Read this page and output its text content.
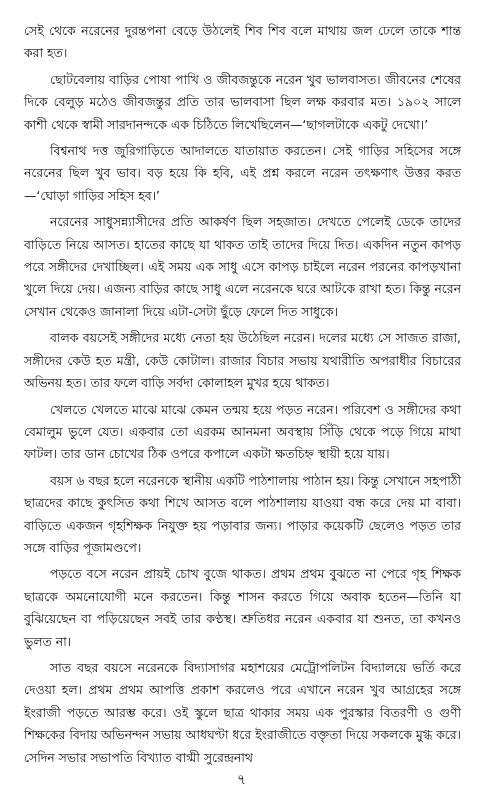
সেই থেকে নরেনের দুরন্তপনা বেড়ে উঠলেই শিব শিব বলে মাথায় জল ঢেলে তাকে শান্ত করা হত।

ছোটবেলায় বাড়ির পোষা পাখি ও জীবজন্তুকে নরেন খুব ভালবাসত। জীবনের শেষের দিকে বেলুড় মঠেও জীবজন্তুর প্রতি তার ভালবাসা ছিল লক্ষ করবার মত। ১৯০২ সালে কাশী থেকে স্বামী সারদানন্দকে এক চিঠিতে লিখেছিলেন—‘ছাগলটাকে একটু দেখো।’

বিশ্বনাথ দত্ত জুরিগাড়িতে আদালতে যাতায়াত করতেন। সেই গাড়ির সহিসের সঙ্গে নরেনের ছিল খুব ভাব। বড় হয়ে কি হবি, এই প্রশ্ন করলে নরেন তৎক্ষণাৎ উত্তর করত—‘ঘোড়া গাড়ির সহিস হব।’

নরেনের সাধুসন্ন্যাসীদের প্রতি আকর্ষণ ছিল সহজাত। দেখতে পেলেই ডেকে তাদের বাড়িতে নিয়ে আসত। হাতের কাছে যা থাকত তাই তাদের দিয়ে দিত। একদিন নতুন কাপড় পরে সঙ্গীদের দেখাচ্ছিল। এই সময় এক সাধু এসে কাপড় চাইলে নরেন পরনের কাপড়খানা খুলে দিয়ে দেয়। এজন্য বাড়ির কাছে সাধু এলে নরেনকে ঘরে আটকে রাখা হত। কিন্তু নরেন সেখান থেকেও জানালা দিয়ে এটা-সেটা ছুঁড়ে ফেলে দিত সাধুকে।

বালক বয়সেই সঙ্গীদের মধ্যে নেতা হয় উঠেছিল নরেন। দলের মধ্যে সে সাজত রাজা, সঙ্গীদের কেউ হত মন্ত্রী, কেউ কোটাল। রাজার বিচার সভায় যথারীতি অপরাধীর বিচারের অভিনয় হত। তার ফলে বাড়ি সর্বদা কোলাহল মুখর হয়ে থাকত।

খেলতে খেলতে মাঝে মাঝে কেমন তন্ময় হয়ে পড়ত নরেন। পরিবেশ ও সঙ্গীদের কথা বেমালুম ভুলে যেত। একবার তো এরকম আনমনা অবস্থায় সিঁড়ি থেকে পড়ে গিয়ে মাথা ফাটল। তার ডান চোখের ঠিক ওপরে কপালে একটা ক্ষতচিহ্ন স্থায়ী হয়ে যায়।

বয়স ৬ বছর হলে নরেনকে স্থানীয় একটি পাঠশালায় পাঠান হয়। কিন্তু সেখানে সহপাঠী ছাত্রদের কাছে কুৎসিত কথা শিখে আসত বলে পাঠশালায় যাওয়া বন্ধ করে দেয় মা বাবা। বাড়িতে একজন গৃহশিক্ষক নিযুক্ত হয় পড়াবার জন্য। পাড়ার কয়েকটি ছেলেও পড়ত তার সঙ্গে বাড়ির পূজামণ্ডপে।

পড়তে বসে নরেন প্রায়ই চোখ বুজে থাকত। প্রথম প্রথম বুঝতে না পেরে গৃহ শিক্ষক ছাত্রকে অমনোযোগী মনে করতেন। কিন্তু শাসন করতে গিয়ে অবাক হতেন—তিনি যা বুঝিয়েছেন বা পড়িয়েছেন সবই তার কণ্ঠস্থ। শ্রুতিধর নরেন একবার যা শুনত, তা কখনও ভুলত না।

সাত বছর বয়সে নরেনকে বিদ্যাসাগর মহাশয়ের মেট্রোপলিটন বিদ্যালয়ে ভর্তি করে দেওয়া হল। প্রথম প্রথম আপত্তি প্রকাশ করলেও পরে এখানে নরেন খুব আগ্রহের সঙ্গে ইংরাজী পড়তে আরম্ভ করে। ওই স্কুলে ছাত্র থাকার সময় এক পুরস্কার বিতরণী ও গুণী শিক্ষকের বিদায় অভিনন্দন সভায় আধঘণ্টা ধরে ইংরাজীতে বক্তৃতা দিয়ে সকলকে মুগ্ধ করে। সেদিন সভার সভাপতি বিখ্যাত বাগ্মী সুরেন্দ্রনাথ

৭
